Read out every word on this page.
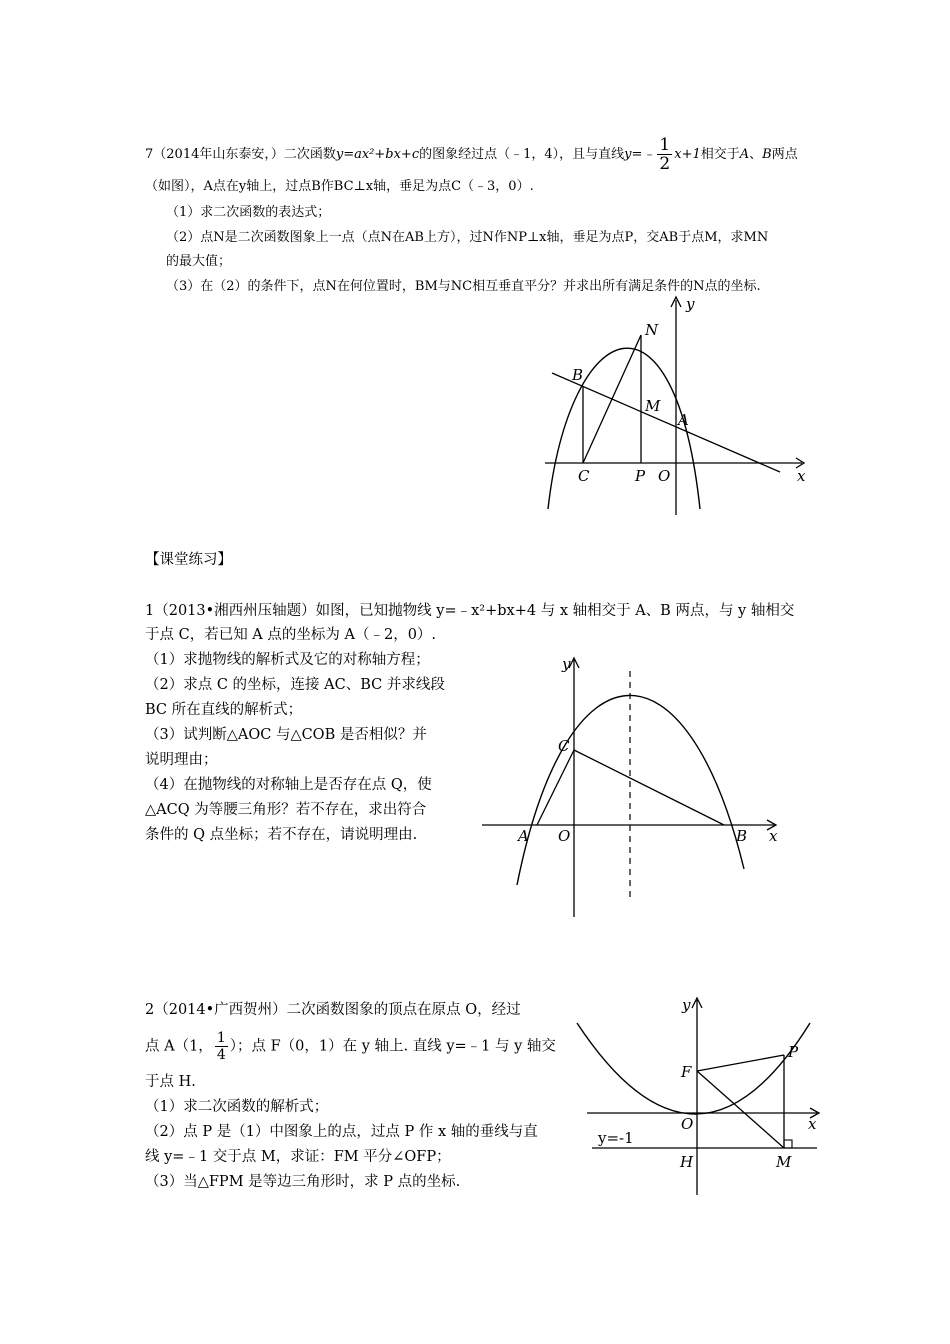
7（2014年山东泰安，）二次函数y=ax²+bx+c的图象经过点（﹣1，4），且与直线y=﹣ $\frac{1}{2} x+1$相交于A、B两点
（如图），A点在y轴上，过点B作BC⊥x轴，垂足为点C（﹣3，0）.
（1）求二次函数的表达式；
（2）点N是二次函数图象上一点（点N在AB上方），过N作NP⊥x轴，垂足为点P，交AB于点M，求MN
的最大值；
（3）在（2）的条件下，点N在何位置时，BM与NC相互垂直平分？并求出所有满足条件的N点的坐标.
y
x
N
B
M
A
C	P O
【课堂练习】
1（2013•湘西州压轴题）如图，已知抛物线 y=﹣x²+bx+4 与 x 轴相交于 A、B 两点，与 y 轴相交
于点 C，若已知 A 点的坐标为 A（﹣2，0）.
（1）求抛物线的解析式及它的对称轴方程；
（2）求点 C 的坐标，连接 AC、BC 并求线段
BC 所在直线的解析式；
（3）试判断△AOC 与△COB 是否相似？并
说明理由；
（4）在抛物线的对称轴上是否存在点 Q，使
△ACQ 为等腰三角形？若不存在，求出符合
条件的 Q 点坐标；若不存在，请说明理由.
y
x
C
A O	B
2（2014•广西贺州）二次函数图象的顶点在原点 O，经过
点 A（1， $\frac{1}{4}$ ）；点 F（0，1）在 y 轴上. 直线 y=﹣1 与 y 轴交
于点 H.
（1）求二次函数的解析式；
（2）点 P 是（1）中图象上的点，过点 P 作 x 轴的垂线与直
线 y=﹣1 交于点 M，求证：FM 平分∠OFP；
（3）当△FPM 是等边三角形时，求 P 点的坐标.
y
x
F
P
O
y=-1
H	M
